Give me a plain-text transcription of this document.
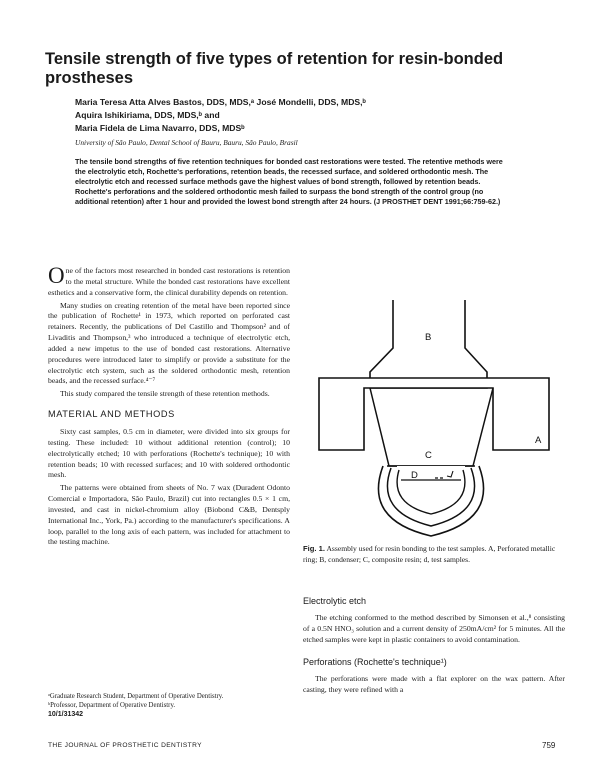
Tensile strength of five types of retention for resin-bonded prostheses
Maria Teresa Atta Alves Bastos, DDS, MDS,ᵃ José Mondelli, DDS, MDS,ᵇ
Aquira Ishikiriama, DDS, MDS,ᵇ and
Maria Fidela de Lima Navarro, DDS, MDSᵇ
University of São Paulo, Dental School of Bauru, Bauru, São Paulo, Brasil
The tensile bond strengths of five retention techniques for bonded cast restorations were tested. The retentive methods were the electrolytic etch, Rochette's perforations, retention beads, the recessed surface, and soldered orthodontic mesh. The electrolytic etch and recessed surface methods gave the highest values of bond strength, followed by retention beads. Rochette's perforations and the soldered orthodontic mesh failed to surpass the bond strength of the control group (no additional retention) after 1 hour and provided the lowest bond strength after 24 hours. (J PROSTHET DENT 1991;66:759-62.)

One of the factors most researched in bonded cast restorations is retention to the metal structure. While the bonded cast restorations have excellent esthetics and a conservative form, the clinical durability depends on retention.

Many studies on creating retention of the metal have been reported since the publication of Rochette¹ in 1973, which reported on perforated cast retainers. Recently, the publications of Del Castillo and Thompson² and of Livaditis and Thompson,³ who introduced a technique of electrolytic etch, added a new impetus to the use of bonded cast restorations. Alternative procedures were introduced later to simplify or provide a substitute for the electrolytic etch system, such as the soldered orthodontic mesh, retention beads, and the recessed surface.⁴⁻⁷

This study compared the tensile strength of these retention methods.

MATERIAL AND METHODS

Sixty cast samples, 0.5 cm in diameter, were divided into six groups for testing. These included: 10 without additional retention (control); 10 electrolytically etched; 10 with perforations (Rochette's technique); 10 with retention beads; 10 with recessed surfaces; and 10 with soldered orthodontic mesh.

The patterns were obtained from sheets of No. 7 wax (Duradent Odonto Comercial e Importadora, São Paulo, Brazil) cut into rectangles 0.5 × 1 cm, invested, and cast in nickel-chromium alloy (Biobond C&B, Dentsply International Inc., York, Pa.) according to the manufacturer's specifications. A loop, parallel to the long axis of each pattern, was included for attachment to the testing machine.

B
A
C
D
Fig. 1. Assembly used for resin bonding to the test samples. A, Perforated metallic ring; B, condenser; C, composite resin; d, test samples.
Electrolytic etch

The etching conformed to the method described by Simonsen et al.,⁸ consisting of a 0.5N HNO₃ solution and a current density of 250mA/cm² for 5 minutes. All the etched samples were kept in plastic containers to avoid contamination.

Perforations (Rochette's technique¹)

The perforations were made with a flat explorer on the wax pattern. After casting, they were refined with a

ᵃGraduate Research Student, Department of Operative Dentistry.
ᵇProfessor, Department of Operative Dentistry.
10/1/31342
THE JOURNAL OF PROSTHETIC DENTISTRY	759
